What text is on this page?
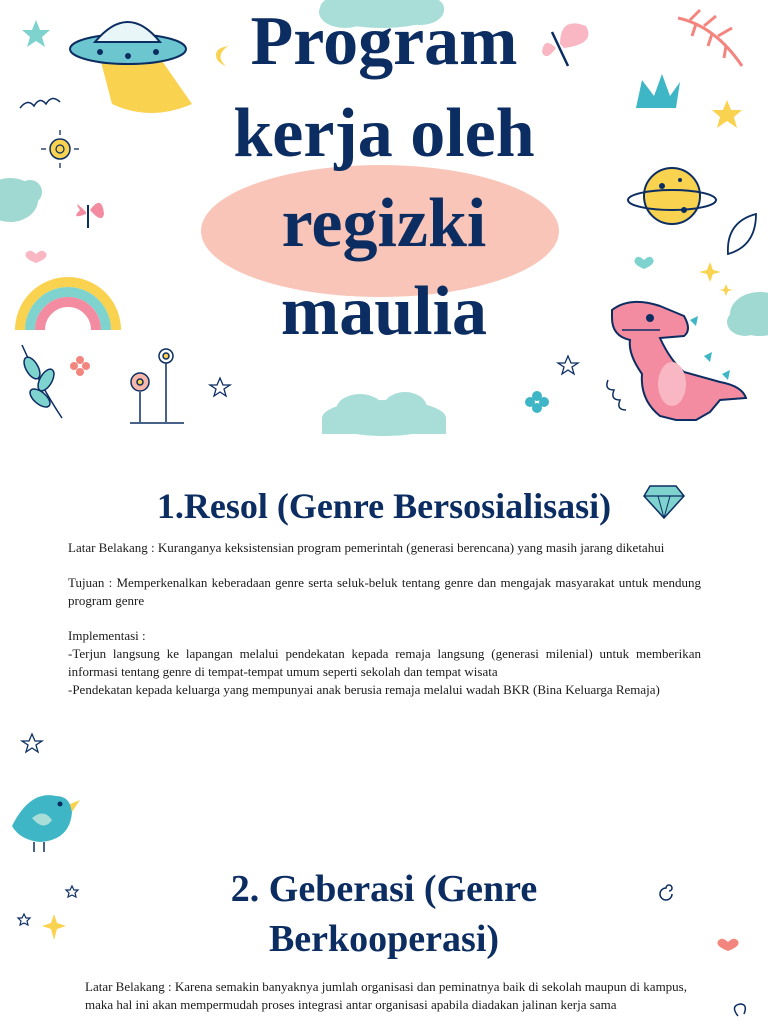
Program
kerja oleh
regizki
maulia
1.Resol (Genre Bersosialisasi)

Latar Belakang : Kuranganya keksistensian program pemerintah (generasi berencana) yang masih jarang diketahui

Tujuan : Memperkenalkan keberadaan genre serta seluk-beluk tentang genre dan mengajak masyarakat untuk mendung program genre

Implementasi :

-Terjun langsung ke lapangan melalui pendekatan kepada remaja langsung (generasi milenial) untuk memberikan informasi tentang genre di tempat-tempat umum seperti sekolah dan tempat wisata

-Pendekatan kepada keluarga yang mempunyai anak berusia remaja melalui wadah BKR (Bina Keluarga Remaja)

2. Geberasi (Genre
Berkooperasi)

Latar Belakang : Karena semakin banyaknya jumlah organisasi dan peminatnya baik di sekolah maupun di kampus, maka hal ini akan mempermudah proses integrasi antar organisasi apabila diadakan jalinan kerja sama
